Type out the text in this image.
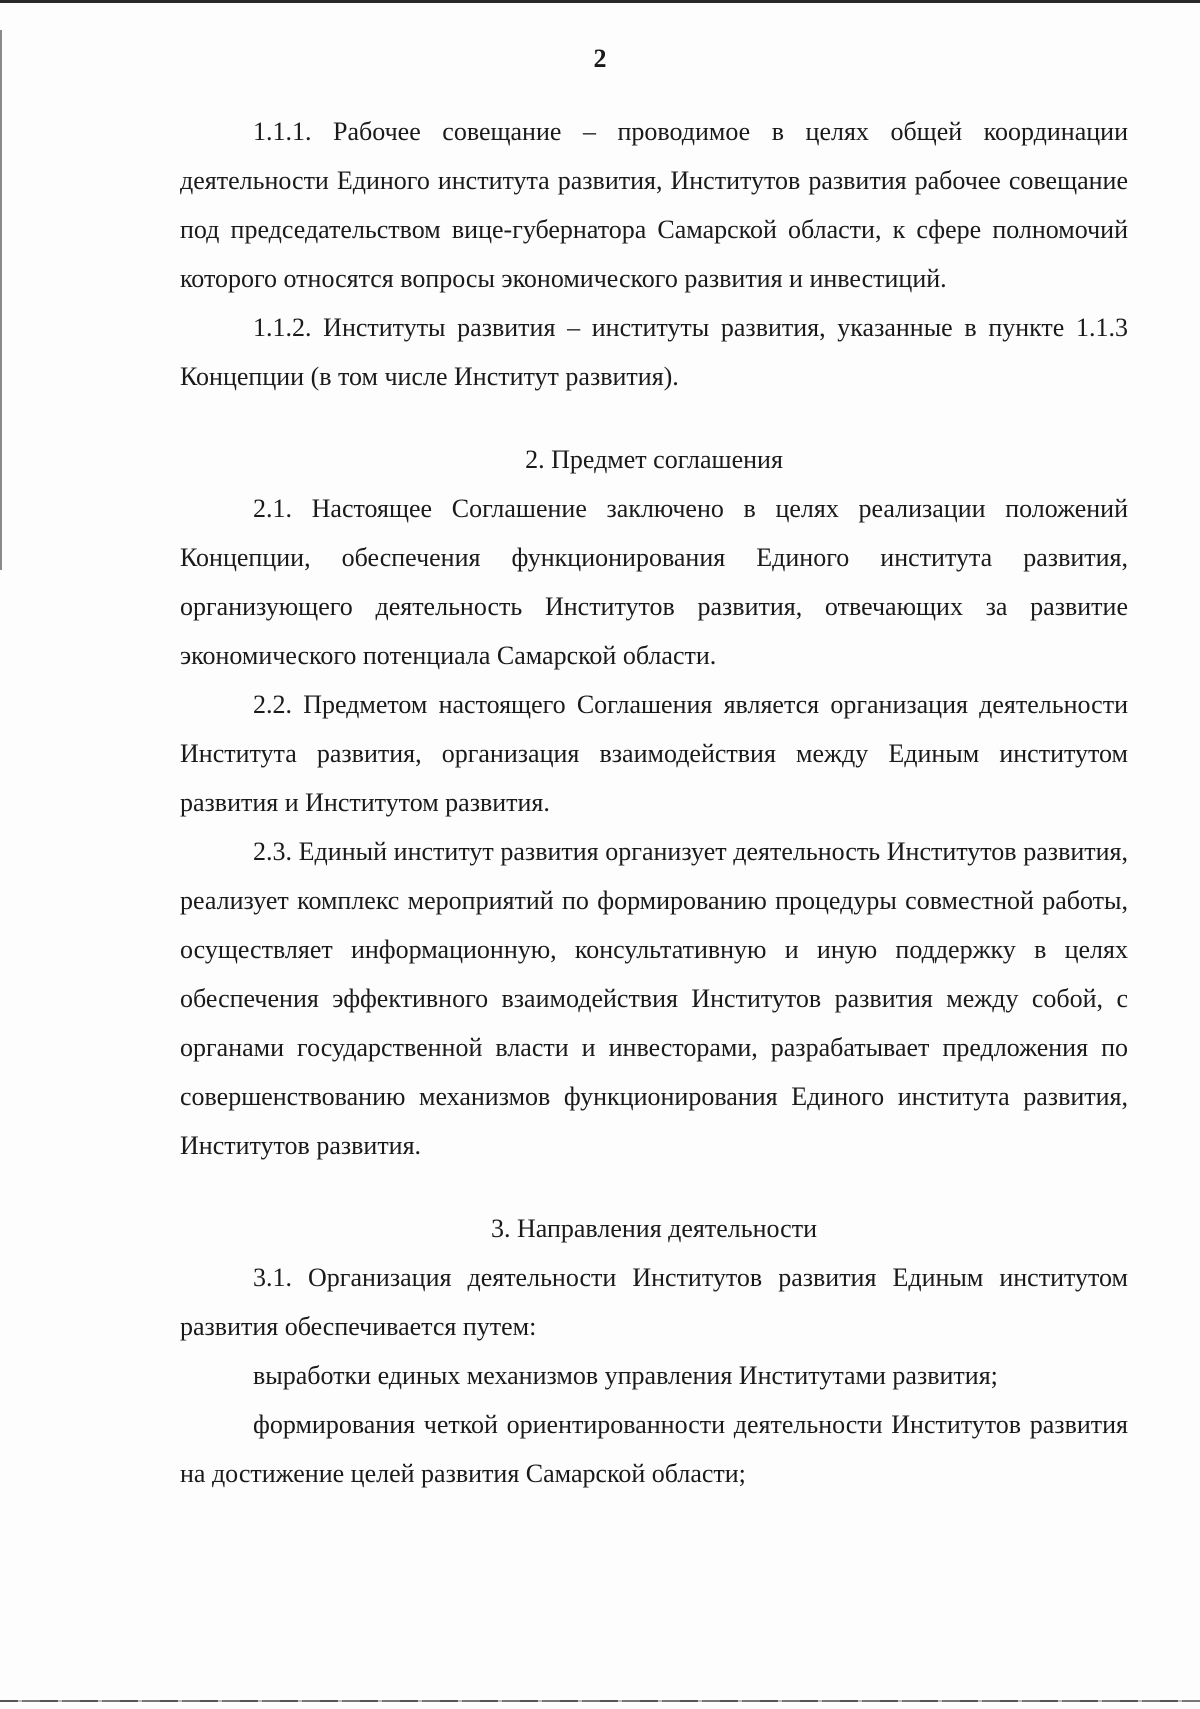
2

1.1.1. Рабочее совещание – проводимое в целях общей координации деятельности Единого института развития, Институтов развития рабочее совещание под председательством вице-губернатора Самарской области, к сфере полномочий которого относятся вопросы экономического развития и инвестиций.

1.1.2. Институты развития – институты развития, указанные в пункте 1.1.3 Концепции (в том числе Институт развития).

2. Предмет соглашения

2.1. Настоящее Соглашение заключено в целях реализации положений Концепции, обеспечения функционирования Единого института развития, организующего деятельность Институтов развития, отвечающих за развитие экономического потенциала Самарской области.

2.2. Предметом настоящего Соглашения является организация деятельности Института развития, организация взаимодействия между Единым институтом развития и Институтом развития.

2.3. Единый институт развития организует деятельность Институтов развития, реализует комплекс мероприятий по формированию процедуры совместной работы, осуществляет информационную, консультативную и иную поддержку в целях обеспечения эффективного взаимодействия Институтов развития между собой, с органами государственной власти и инвесторами, разрабатывает предложения по совершенствованию механизмов функционирования Единого института развития, Институтов развития.

3. Направления деятельности

3.1. Организация деятельности Институтов развития Единым институтом развития обеспечивается путем:

выработки единых механизмов управления Институтами развития;

формирования четкой ориентированности деятельности Институтов развития на достижение целей развития Самарской области;
